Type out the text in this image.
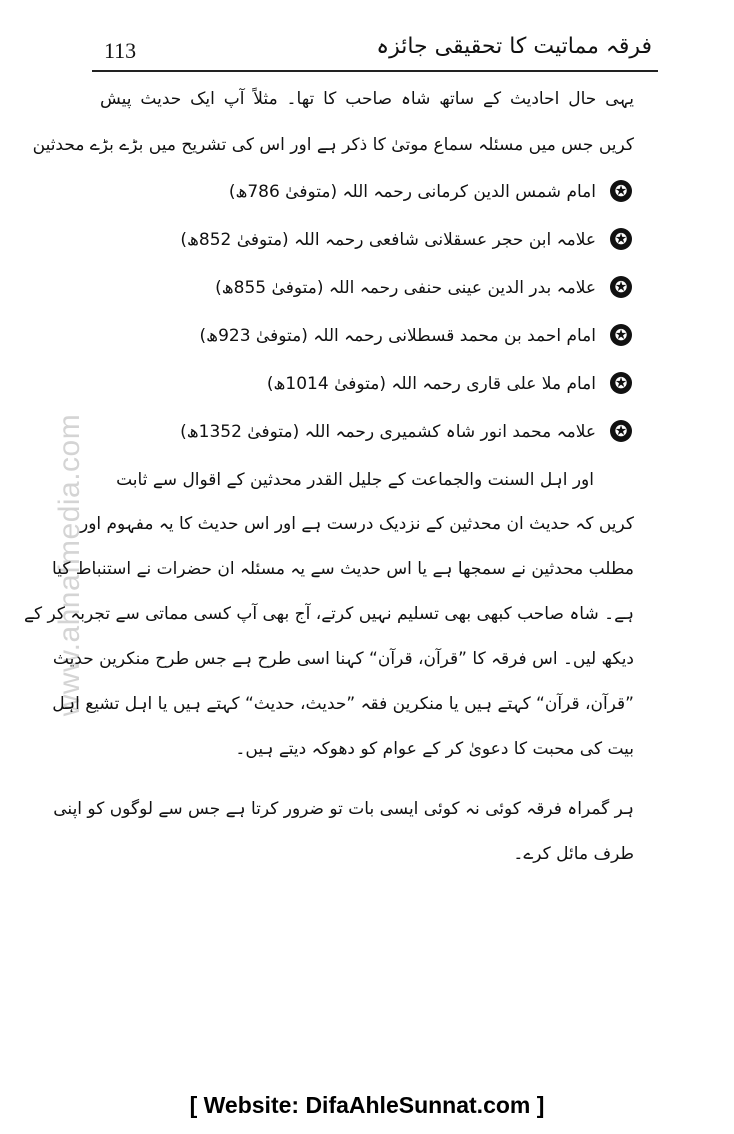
113	فرقہ مماتیت کا تحقیقی جائزہ
www.ahnafmedia.com
یہی حال احادیث کے ساتھ شاہ صاحب کا تھا۔ مثلاً آپ ایک حدیث پیش
کریں جس میں مسئلہ سماع موتیٰ کا ذکر ہے اور اس کی تشریح میں بڑے بڑے محدثین
✪
امام شمس الدین کرمانی رحمہ اللہ (متوفیٰ 786ھ)
✪
علامہ ابن حجر عسقلانی شافعی رحمہ اللہ (متوفیٰ 852ھ)
✪
علامہ بدر الدین عینی حنفی رحمہ اللہ (متوفیٰ 855ھ)
✪
امام احمد بن محمد قسطلانی رحمہ اللہ (متوفیٰ 923ھ)
✪
امام ملا علی قاری رحمہ اللہ (متوفیٰ 1014ھ)
✪
علامہ محمد انور شاہ کشمیری رحمہ اللہ (متوفیٰ 1352ھ)
اور اہل السنت والجماعت کے جلیل القدر محدثین کے اقوال سے ثابت
کریں کہ حدیث ان محدثین کے نزدیک درست ہے اور اس حدیث کا یہ مفہوم اور
مطلب محدثین نے سمجھا ہے یا اس حدیث سے یہ مسئلہ ان حضرات نے استنباط کیا
ہے۔ شاہ صاحب کبھی بھی تسلیم نہیں کرتے، آج بھی آپ کسی مماتی سے تجربہ کر کے
دیکھ لیں۔ اس فرقہ کا ”قرآن، قرآن“ کہنا اسی طرح ہے جس طرح منکرین حدیث
”قرآن، قرآن“ کہتے ہیں یا منکرین فقہ ”حدیث، حدیث“ کہتے ہیں یا اہل تشیع اہل
بیت کی محبت کا دعویٰ کر کے عوام کو دھوکہ دیتے ہیں۔
ہر گمراہ فرقہ کوئی نہ کوئی ایسی بات تو ضرور کرتا ہے جس سے لوگوں کو اپنی
طرف مائل کرے۔
[ Website: DifaAhleSunnat.com ]
